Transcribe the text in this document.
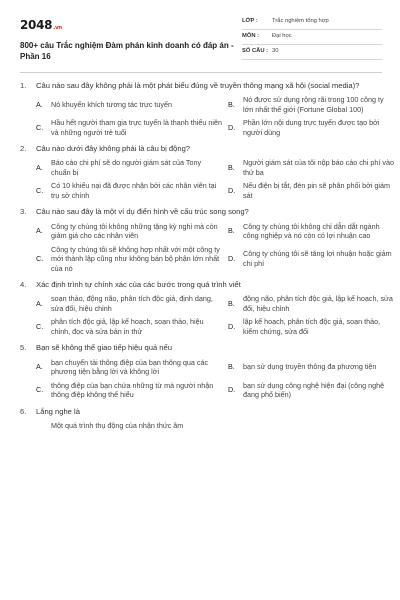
2048.vn
800+ câu Trắc nghiệm Đàm phán kinh doanh có đáp án - Phần 16
LỚP :	Trắc nghiệm tổng hợp
MÔN :	Đại học
SỐ CÂU : 30
1.	Câu nào sau đây không phải là một phát biểu đúng về truyền thông mạng xã hội (social media)?
A.	Nó khuyến khích tương tác trực tuyến	B.
Nó được sử dụng rộng rãi trong 100 công ty lớn nhất thế giới (Fortune Global 100)
C.
Hầu hết người tham gia trực tuyến là thanh thiếu niên và những người trẻ tuổi
D.
Phần lớn nội dung trực tuyến được tạo bởi người dùng
2.	Câu nào dưới đây không phải là câu bị động?
A.
Báo cáo chi phí sẽ do người giám sát của Tony chuẩn bị
B.
Người giám sát của tôi nộp báo cáo chi phí vào thứ ba
C.
Có 10 khiếu nại đã được nhận bởi các nhân viên tại trụ sở chính
D.
Nếu điện bị tắt, đèn pin sẽ phân phối bởi giám sát
3.	Câu nào sau đây là một ví dụ điển hình về cấu trúc song song?
A.
Công ty chúng tôi không những tặng kỳ nghỉ mà còn giảm giá cho các nhân viên
B.
Công ty chúng tôi không chỉ dẫn dắt ngành công nghiệp và nó còn có lợi nhuận cao
C.
Công ty chúng tôi sẽ không hợp nhất với một công ty mới thành lập cũng như không bán bộ phận lớn nhất của nó
D.
Công ty chúng tôi sẽ tăng lợi nhuận hoặc giảm chi phí
4.	Xác định trình tự chính xác của các bước trong quá trình viết
A.
soạn thảo, động não, phân tích độc giả, định dạng, sửa đổi, hiệu chỉnh
B.
động não, phân tích độc giả, lập kế hoạch, sửa đổi, hiệu chỉnh
C.
phân tích độc giả, lập kế hoạch, soạn thảo, hiệu chỉnh, đọc và sửa bản in thử
D.
lập kế hoạch, phân tích độc giả, soạn thảo, kiểm chứng, sửa đổi
5.	Bạn sẽ không thể giao tiếp hiệu quả nếu
A.
bạn chuyển tải thông điệp của bạn thông qua các phương tiện bằng lời và không lời
B.	bạn sử dụng truyền thông đa phương tiện
C.
thông điệp của bạn chứa những từ mà người nhận thông điệp không thể hiểu
D.
bạn sử dụng công nghệ hiện đại (công nghệ đang phổ biến)
6.	Lắng nghe là
Một quá trình thụ động của nhận thức âm
